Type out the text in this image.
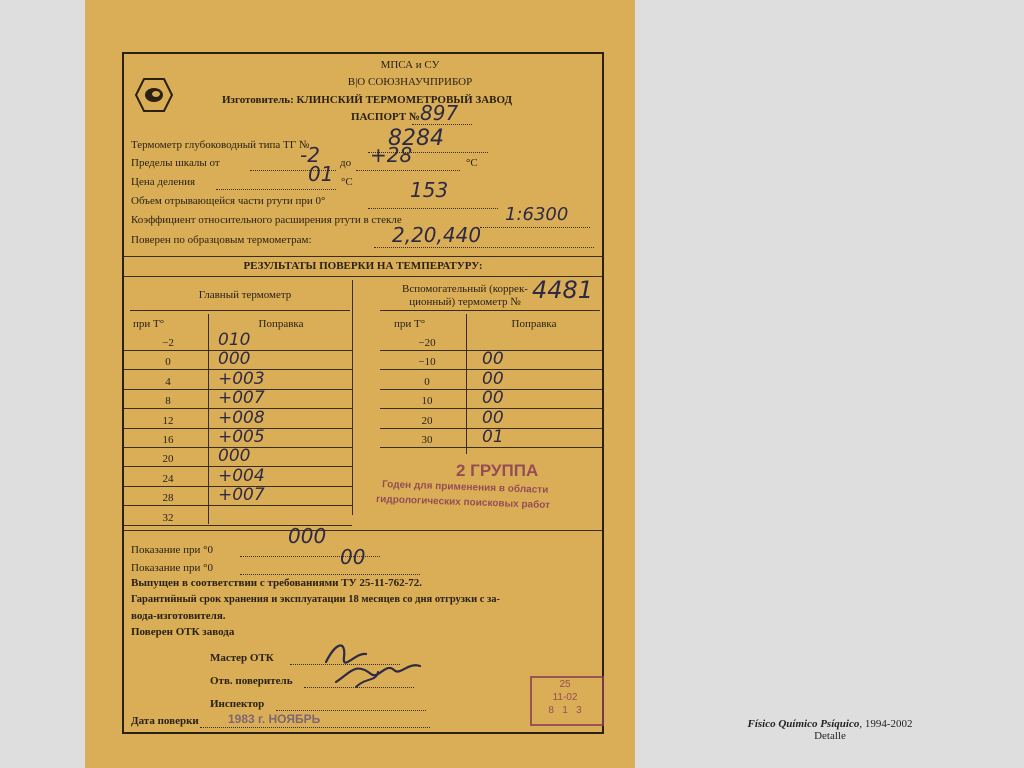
МПСА и СУ
В|О СОЮЗНАУЧПРИБОР
Изготовитель: КЛИНСКИЙ ТЕРМОМЕТРОВЫЙ ЗАВОД
ПАСПОРТ № 897
Термометр глубоководный типа ТГ №	8284
Пределы шкалы от	-2 до +28	°С
Цена деления	01 °С
Объем отрывающейся части ртути при 0°	153
Коэффициент относительного расширения ртути в стекле	1:6300
Поверен по образцовым термометрам:	2,20,440
РЕЗУЛЬТАТЫ ПОВЕРКИ НА ТЕМПЕРАТУРУ:
Главный термометр
при Т°	Поправка
−2	010
0	000
4	+003
8	+007
12	+008
16	+005
20	000
24	+004
28	+007
32
Вспомогательный (коррек-
ционный) термометр № 4481
при Т°	Поправка
−20
−10	00
0	00
10	00
20	00
30	01
2 ГРУППА
Годен для применения в области
гидрологических поисковых работ
Показание при °0
000
Показание при °0	00
Выпущен в соответствии с требованиями ТУ 25-11-762-72.
Гарантийный срок хранения и эксплуатации 18 месяцев со дня отгрузки с за-
вода-изготовителя.
Поверен ОТК завода
Мастер ОТК
Отв. поверитель
Инспектор
Дата поверки 1983 г. НОЯБРЬ
25
11-02
8   1   3
Físico Químico Psíquico, 1994-2002
Detalle
